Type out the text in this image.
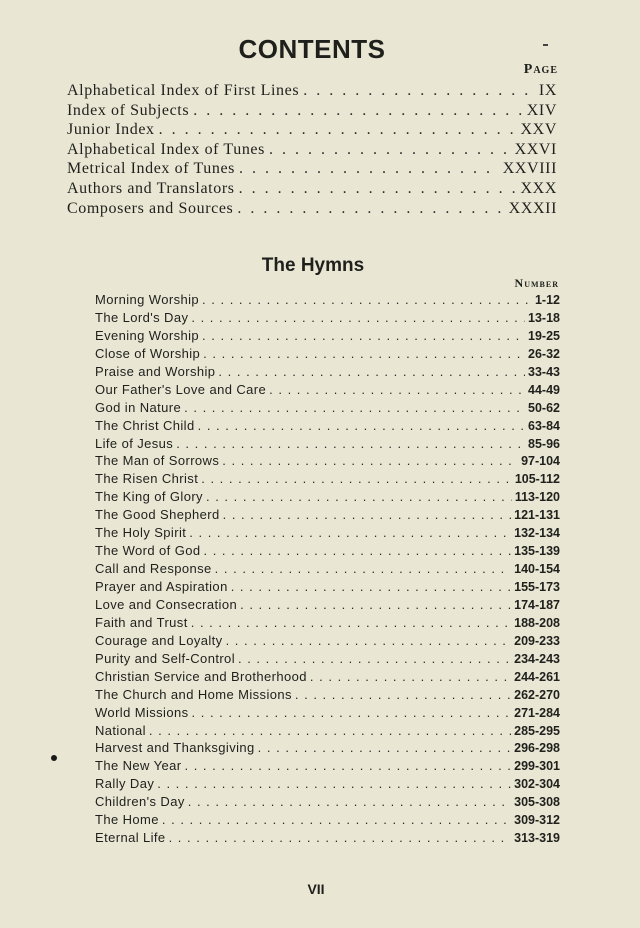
CONTENTS
Page
Alphabetical Index of First Lines . . .	IX
Index of Subjects . . .	XIV
Junior Index . . .	XXV
Alphabetical Index of Tunes . . .	XXVI
Metrical Index of Tunes . . .	XXVIII
Authors and Translators . . .	XXX
Composers and Sources . . .	XXXII
The Hymns
Number
Morning Worship . . .	1-12
The Lord's Day . . .	13-18
Evening Worship . . .	19-25
Close of Worship . . .	26-32
Praise and Worship . . .	33-43
Our Father's Love and Care . . .	44-49
God in Nature . . .	50-62
The Christ Child . . .	63-84
Life of Jesus . . .	85-96
The Man of Sorrows . . .	97-104
The Risen Christ . . .	105-112
The King of Glory . . .	113-120
The Good Shepherd . . .	121-131
The Holy Spirit . . .	132-134
The Word of God . . .	135-139
Call and Response . . .	140-154
Prayer and Aspiration . . .	155-173
Love and Consecration . . .	174-187
Faith and Trust . . .	188-208
Courage and Loyalty . . .	209-233
Purity and Self-Control . . .	234-243
Christian Service and Brotherhood . . .	244-261
The Church and Home Missions . . .	262-270
World Missions . . .	271-284
National . . .	285-295
Harvest and Thanksgiving . . .	296-298
The New Year . . .	299-301
Rally Day . . .	302-304
Children's Day . . .	305-308
The Home . . .	309-312
Eternal Life . . .	313-319
VII
